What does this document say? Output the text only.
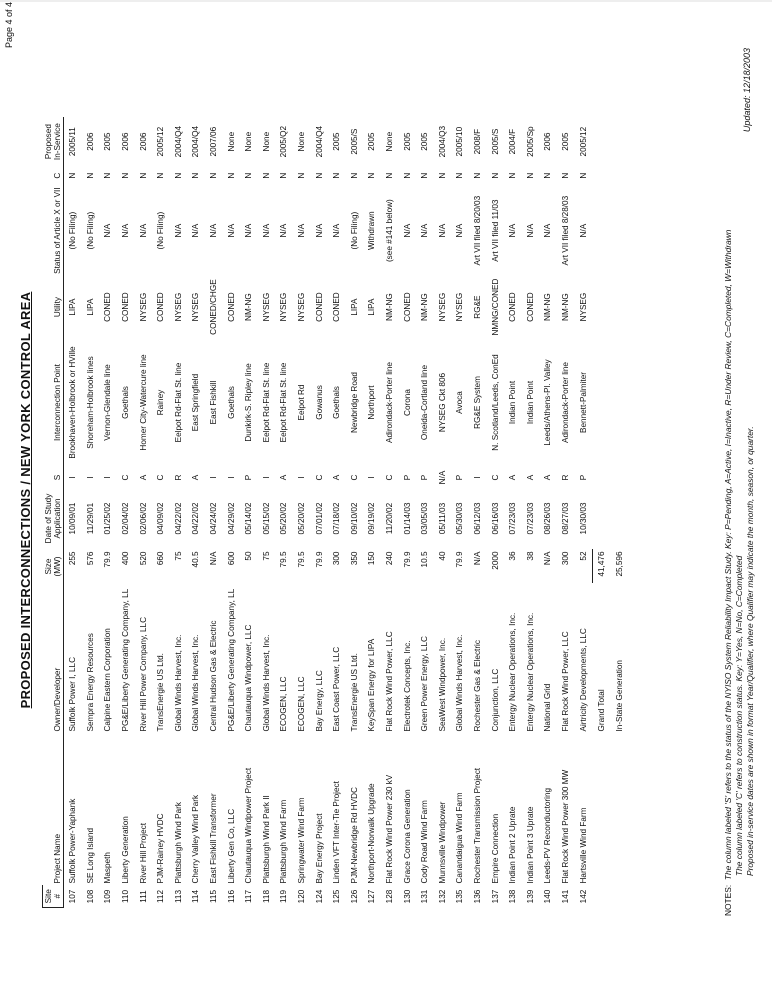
Page 4 of 4
PROPOSED INTERCONNECTIONS / NEW YORK CONTROL AREA
Site #	Project Name	Owner/Developer	Size (MW)	Date of Study Application	S	Interconnection Point	Utility	Status of Article X or VII	C	Proposed In-Service
107	Suffolk Power-Yaphank	Suffolk Power I, LLC	255	10/09/01	I	Brookhaven-Holbrook or HVille	LIPA	(No Filing)	N	2005/11
108	SE Long Island	Sempra Energy Resources	576	11/29/01	I	Shoreham-Holbrook lines	LIPA	(No Filing)	N	2006
109	Maspeth	Calpine Eastern Corporation	79.9	01/25/02	I	Vernon-Glendale line	CONED	N/A	N	2005
110	Liberty Generation	PG&E/Liberty Generating Company, LL	400	02/04/02	C	Goethals	CONED	N/A	N	2006
111	River Hill Project	River Hill Power Company, LLC	520	02/06/02	A	Homer City-Watercure line	NYSEG	N/A	N	2006
112	PJM-Rainey HVDC	TransEnergie US Ltd.	660	04/09/02	C	Rainey	CONED	(No Filing)	N	2005/12
113	Plattsburgh Wind Park	Global Winds Harvest, Inc.	75	04/22/02	R	Eelpot Rd-Flat St. line	NYSEG	N/A	N	2004/Q4
114	Cherry Valley Wind Park	Global Winds Harvest, Inc.	40.5	04/22/02	A	East Springfield	NYSEG	N/A	N	2004/Q4
115	East Fishkill Transformer	Central Hudson Gas & Electric	N/A	04/24/02	I	East Fishkill	CONED/CHGE	N/A	N	2007/06
116	Liberty Gen Co, LLC	PG&E/Liberty Generating Company, LL	600	04/29/02	I	Goethals	CONED	N/A	N	None
117	Chautauqua Windpower Project	Chautauqua Windpower, LLC	50	05/14/02	P	Dunkirk-S. Ripley line	NM-NG	N/A	N	None
118	Plattsburgh Wind Park II	Global Winds Harvest, Inc.	75	05/15/02	I	Eelpot Rd-Flat St. line	NYSEG	N/A	N	None
119	Plattsburgh Wind Farm	ECOGEN, LLC	79.5	05/20/02	A	Eelpot Rd-Flat St. line	NYSEG	N/A	N	2005/Q2
120	Springwater Wind Farm	ECOGEN, LLC	79.5	05/20/02	I	Eelpot Rd	NYSEG	N/A	N	None
124	Bay Energy Project	Bay Energy, LLC	79.9	07/01/02	C	Gowanus	CONED	N/A	N	2004/Q4
125	Linden VFT Inter-Tie Project	East Coast Power, LLC	300	07/18/02	A	Goethals	CONED	N/A	N	2005
126	PJM-Newbridge Rd HVDC	TransEnergie US Ltd.	350	09/10/02	C	Newbridge Road	LIPA	(No Filing)	N	2005/S
127	Northport-Norwalk Upgrade	KeySpan Energy for LIPA	150	09/19/02	I	Northport	LIPA	Withdrawn	N	2005
128	Flat Rock Wind Power 230 kV	Flat Rock Wind Power, LLC	240	11/20/02	C	Adirondack-Porter line	NM-NG	(see #141 below)	N	None
130	Grace Corona Generation	Electrotek Concepts, Inc.	79.9	01/14/03	P	Corona	CONED	N/A	N	2005
131	Cody Road Wind Farm	Green Power Energy, LLC	10.5	03/05/03	P	Oneida-Cortland line	NM-NG	N/A	N	2005
132	Munnsville Windpower	SeaWest Windpower, Inc.	40	05/11/03	N/A	NYSEG Ckt 806	NYSEG	N/A	N	2004/Q3
135	Canandaigua Wind Farm	Global Winds Harvest, Inc.	79.9	05/30/03	P	Avoca	NYSEG	N/A	N	2005/10
136	Rochester Transmission Project	Rochester Gas & Electric	N/A	06/12/03	I	RG&E System	RG&E	Art VII filed 8/20/03	N	2008/F
137	Empire Connection	Conjunction, LLC	2000	06/16/03	C	N. Scotland/Leeds, ConEd	NMNG/CONED	Art VII filed 11/03	N	2005/S
138	Indian Point 2 Uprate	Entergy Nuclear Operations, Inc.	36	07/23/03	A	Indian Point	CONED	N/A	N	2004/F
139	Indian Point 3 Uprate	Entergy Nuclear Operations, Inc.	38	07/23/03	A	Indian Point	CONED	N/A	N	2005/Sp
140	Leeds-PV Reconductoring	National Grid	N/A	08/26/03	A	Leeds/Athens-Pl. Valley	NM-NG	N/A	N	2006
141	Flat Rock Wind Power 300 MW	Flat Rock Wind Power, LLC	300	08/27/03	R	Adirondack-Porter line	NM-NG	Art VII filed 8/28/03	N	2005
142	Hartsville Wind Farm	Airtricity Developments, LLC	52	10/30/03	P	Bennett-Palmiter	NYSEG	N/A	N	2005/12
		Grand Total	41,476							
		In-State Generation	25,596							
NOTES:  The column labeled 'S' refers to the status of the NYISO System Reliability Impact Study. Key: P=Pending, A=Active, I=Inactive, R=Under Review, C=Completed, W=Withdrawn The column labeled 'C' refers to construction status. Key: Y=Yes, N=No, C=Completed Proposed in-service dates are shown in format Year/Qualifier, where Qualifier may indicate the month, season, or quarter.
Updated: 12/18/2003
